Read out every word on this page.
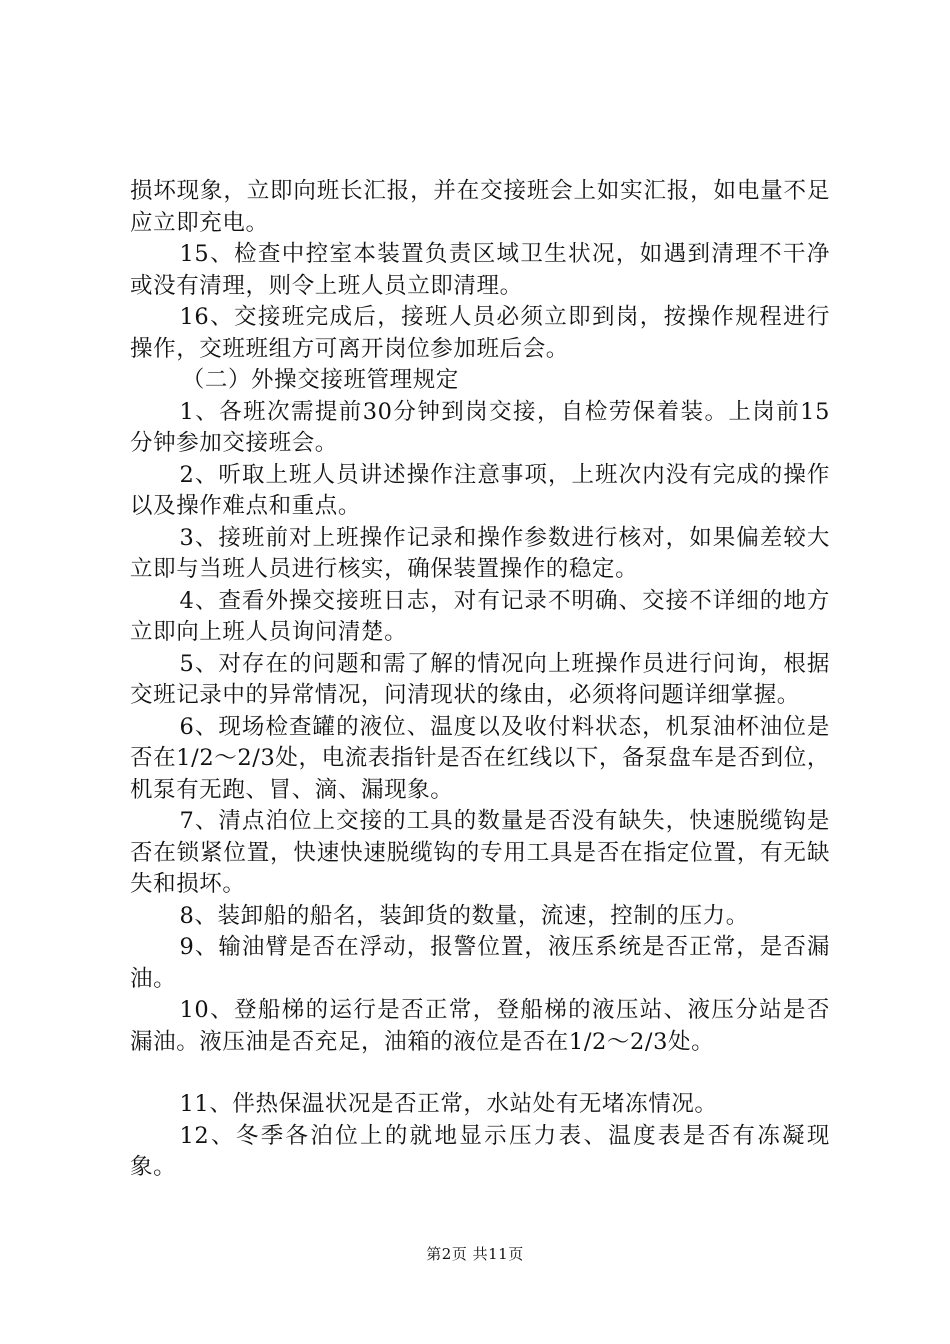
损坏现象，立即向班长汇报，并在交接班会上如实汇报，如电量不足应立即充电。

15、检查中控室本装置负责区域卫生状况，如遇到清理不干净或没有清理，则令上班人员立即清理。

16、交接班完成后，接班人员必须立即到岗，按操作规程进行操作，交班班组方可离开岗位参加班后会。

（二）外操交接班管理规定

1、各班次需提前30分钟到岗交接，自检劳保着装。上岗前15分钟参加交接班会。

2、听取上班人员讲述操作注意事项，上班次内没有完成的操作以及操作难点和重点。

3、接班前对上班操作记录和操作参数进行核对，如果偏差较大立即与当班人员进行核实，确保装置操作的稳定。

4、查看外操交接班日志，对有记录不明确、交接不详细的地方立即向上班人员询问清楚。

5、对存在的问题和需了解的情况向上班操作员进行问询，根据交班记录中的异常情况，问清现状的缘由，必须将问题详细掌握。

6、现场检查罐的液位、温度以及收付料状态，机泵油杯油位是否在1/2～2/3处，电流表指针是否在红线以下，备泵盘车是否到位，机泵有无跑、冒、滴、漏现象。

7、清点泊位上交接的工具的数量是否没有缺失，快速脱缆钩是否在锁紧位置，快速快速脱缆钩的专用工具是否在指定位置，有无缺失和损坏。

8、装卸船的船名，装卸货的数量，流速，控制的压力。

9、输油臂是否在浮动，报警位置，液压系统是否正常，是否漏油。

10、登船梯的运行是否正常，登船梯的液压站、液压分站是否漏油。液压油是否充足，油箱的液位是否在1/2～2/3处。

11、伴热保温状况是否正常，水站处有无堵冻情况。

12、冬季各泊位上的就地显示压力表、温度表是否有冻凝现象。

第2页 共11页
